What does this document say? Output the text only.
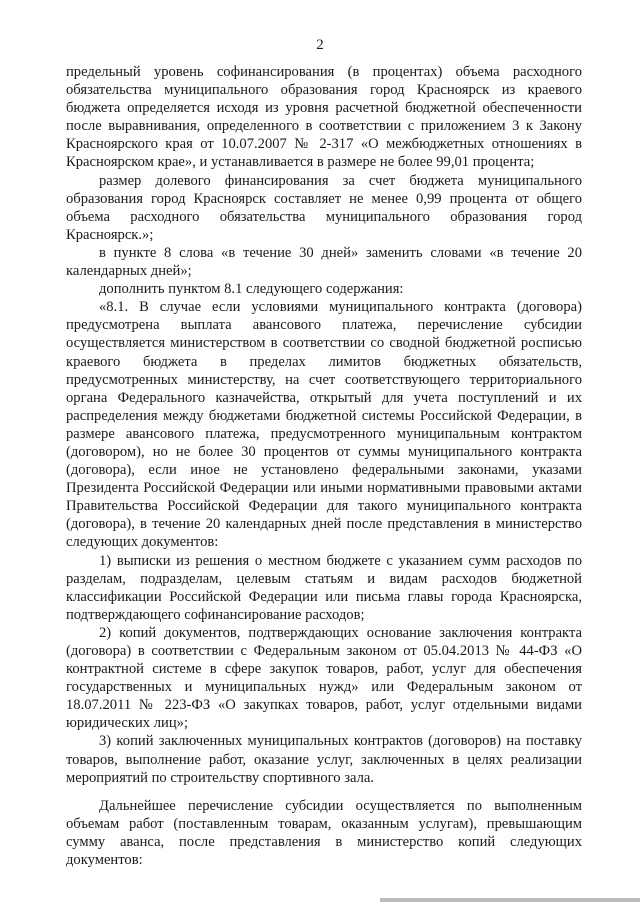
2

предельный уровень софинансирования (в процентах) объема расходного обязательства муниципального образования город Красноярск из краевого бюджета определяется исходя из уровня расчетной бюджетной обеспеченности после выравнивания, определенного в соответствии с приложением 3 к Закону Красноярского края от 10.07.2007 № 2-317 «О межбюджетных отношениях в Красноярском крае», и устанавливается в размере не более 99,01 процента;

размер долевого финансирования за счет бюджета муниципального образования город Красноярск составляет не менее 0,99 процента от общего объема расходного обязательства муниципального образования город Красноярск.»;

в пункте 8 слова «в течение 30 дней» заменить словами «в течение 20 календарных дней»;

дополнить пунктом 8.1 следующего содержания:

«8.1. В случае если условиями муниципального контракта (договора) предусмотрена выплата авансового платежа, перечисление субсидии осуществляется министерством в соответствии со сводной бюджетной росписью краевого бюджета в пределах лимитов бюджетных обязательств, предусмотренных министерству, на счет соответствующего территориального органа Федерального казначейства, открытый для учета поступлений и их распределения между бюджетами бюджетной системы Российской Федерации, в размере авансового платежа, предусмотренного муниципальным контрактом (договором), но не более 30 процентов от суммы муниципального контракта (договора), если иное не установлено федеральными законами, указами Президента Российской Федерации или иными нормативными правовыми актами Правительства Российской Федерации для такого муниципального контракта (договора), в течение 20 календарных дней после представления в министерство следующих документов:

1) выписки из решения о местном бюджете с указанием сумм расходов по разделам, подразделам, целевым статьям и видам расходов бюджетной классификации Российской Федерации или письма главы города Красноярска, подтверждающего софинансирование расходов;

2) копий документов, подтверждающих основание заключения контракта (договора) в соответствии с Федеральным законом от 05.04.2013 № 44-ФЗ «О контрактной системе в сфере закупок товаров, работ, услуг для обеспечения государственных и муниципальных нужд» или Федеральным законом от 18.07.2011 № 223-ФЗ «О закупках товаров, работ, услуг отдельными видами юридических лиц»;

3) копий заключенных муниципальных контрактов (договоров) на поставку товаров, выполнение работ, оказание услуг, заключенных в целях реализации мероприятий по строительству спортивного зала.

Дальнейшее перечисление субсидии осуществляется по выполненным объемам работ (поставленным товарам, оказанным услугам), превышающим сумму аванса, после представления в министерство копий следующих документов:
